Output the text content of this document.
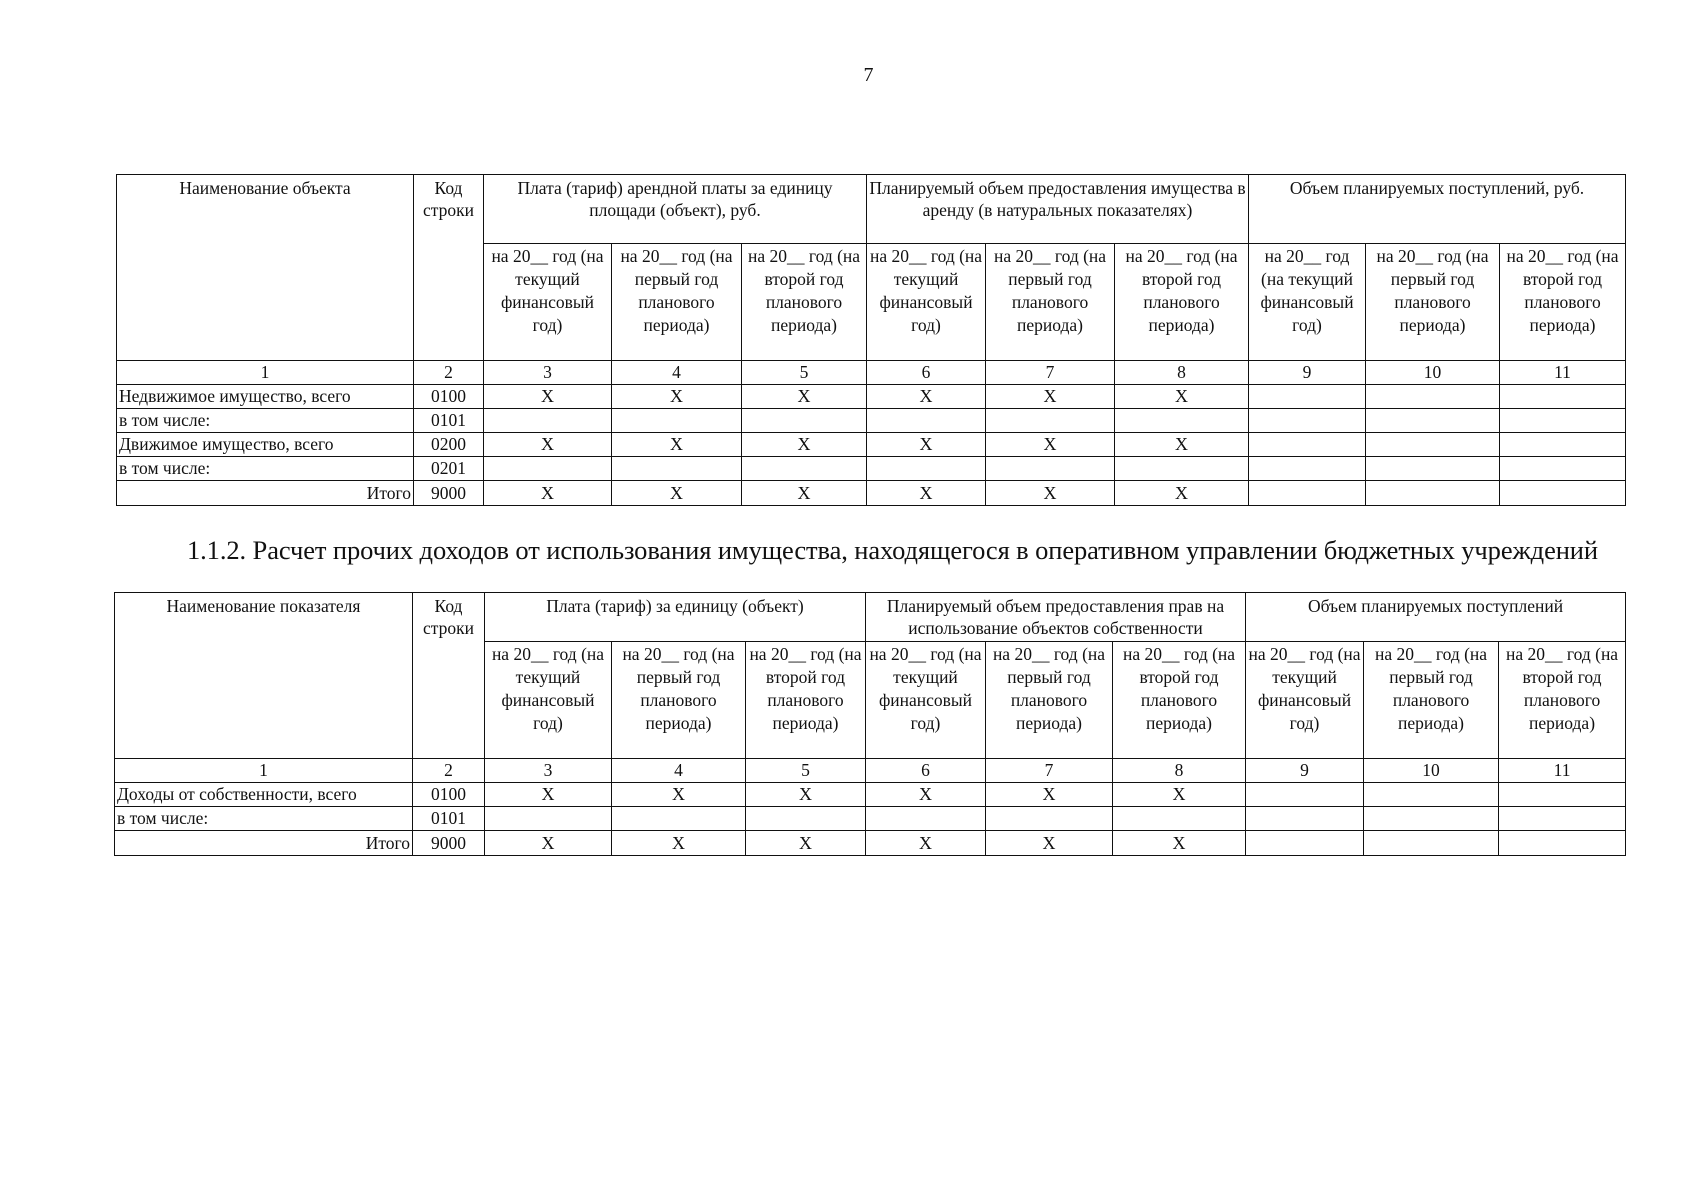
7
Наименование объекта	Код строки	Плата (тариф) арендной платы за единицу площади (объект), руб.			Планируемый объем предоставления имущества в аренду (в натуральных показателях)			Объем планируемых поступлений, руб.		
		на 20__ год (на текущий финансовый год)	на 20__ год (на первый год планового периода)	на 20__ год (на второй год планового периода)	на 20__ год (на текущий финансовый год)	на 20__ год (на первый год планового периода)	на 20__ год (на второй год планового периода)	на 20__ год (на текущий финансовый год)	на 20__ год (на первый год планового периода)	на 20__ год (на второй год планового периода)
1	2	3	4	5	6	7	8	9	10	11
Недвижимое имущество, всего	0100	X	X	X	X	X	X			
в том числе:	0101									
Движимое имущество, всего	0200	X	X	X	X	X	X			
в том числе:	0201									
Итого	9000	X	X	X	X	X	X			
1.1.2. Расчет прочих доходов от использования имущества, находящегося в оперативном управлении бюджетных учреждений
Наименование показателя	Код строки	Плата (тариф) за единицу (объект)			Планируемый объем предоставления прав на использование объектов собственности			Объем планируемых поступлений		
		на 20__ год (на текущий финансовый год)	на 20__ год (на первый год планового периода)	на 20__ год (на второй год планового периода)	на 20__ год (на текущий финансовый год)	на 20__ год (на первый год планового периода)	на 20__ год (на второй год планового периода)	на 20__ год (на текущий финансовый год)	на 20__ год (на первый год планового периода)	на 20__ год (на второй год планового периода)
1	2	3	4	5	6	7	8	9	10	11
Доходы от собственности, всего	0100	X	X	X	X	X	X			
в том числе:	0101									
Итого	9000	X	X	X	X	X	X			
